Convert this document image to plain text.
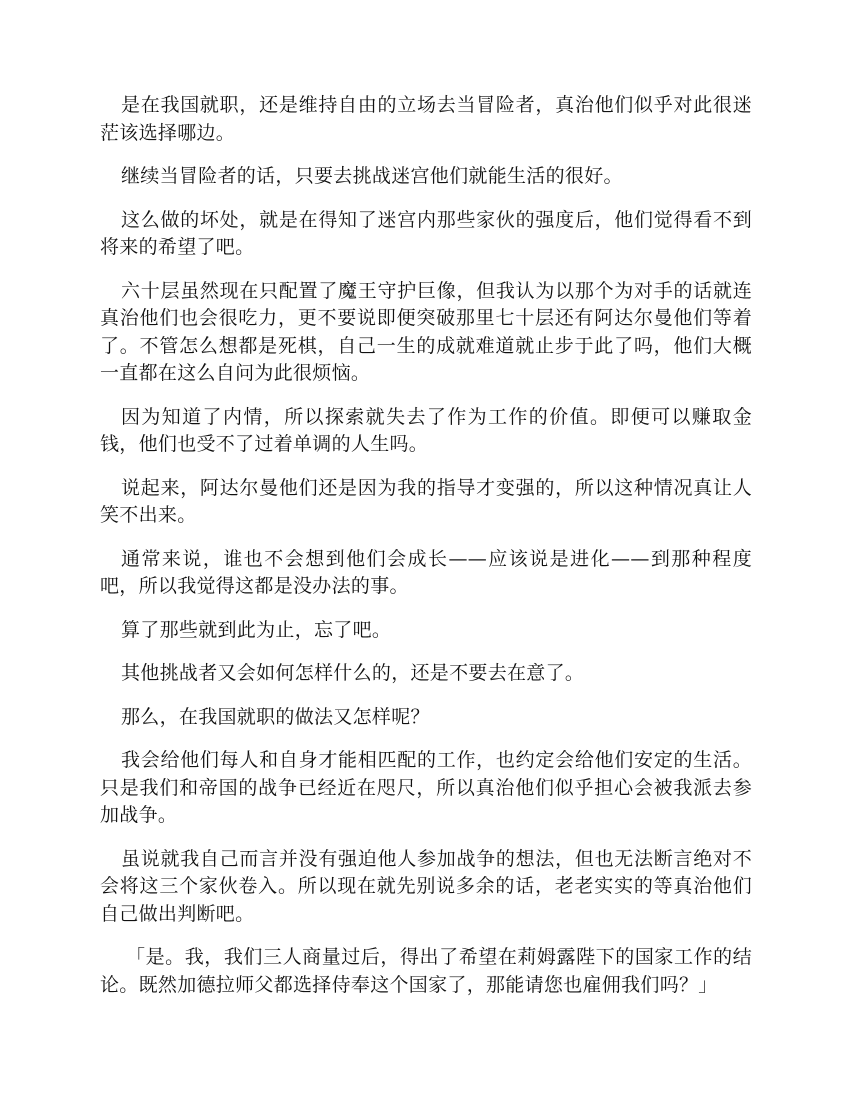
是在我国就职，还是维持自由的立场去当冒险者，真治他们似乎对此很迷茫该选择哪边。

继续当冒险者的话，只要去挑战迷宫他们就能生活的很好。

这么做的坏处，就是在得知了迷宫内那些家伙的强度后，他们觉得看不到将来的希望了吧。

六十层虽然现在只配置了魔王守护巨像，但我认为以那个为对手的话就连真治他们也会很吃力，更不要说即便突破那里七十层还有阿达尔曼他们等着了。不管怎么想都是死棋，自己一生的成就难道就止步于此了吗，他们大概一直都在这么自问为此很烦恼。

因为知道了内情，所以探索就失去了作为工作的价值。即便可以赚取金钱，他们也受不了过着单调的人生吗。

说起来，阿达尔曼他们还是因为我的指导才变强的，所以这种情况真让人笑不出来。

通常来说，谁也不会想到他们会成长——应该说是进化——到那种程度吧，所以我觉得这都是没办法的事。

算了那些就到此为止，忘了吧。

其他挑战者又会如何怎样什么的，还是不要去在意了。

那么，在我国就职的做法又怎样呢？

我会给他们每人和自身才能相匹配的工作，也约定会给他们安定的生活。只是我们和帝国的战争已经近在咫尺，所以真治他们似乎担心会被我派去参加战争。

虽说就我自己而言并没有强迫他人参加战争的想法，但也无法断言绝对不会将这三个家伙卷入。所以现在就先别说多余的话，老老实实的等真治他们自己做出判断吧。

「是。我，我们三人商量过后，得出了希望在莉姆露陛下的国家工作的结论。既然加德拉师父都选择侍奉这个国家了，那能请您也雇佣我们吗？」
